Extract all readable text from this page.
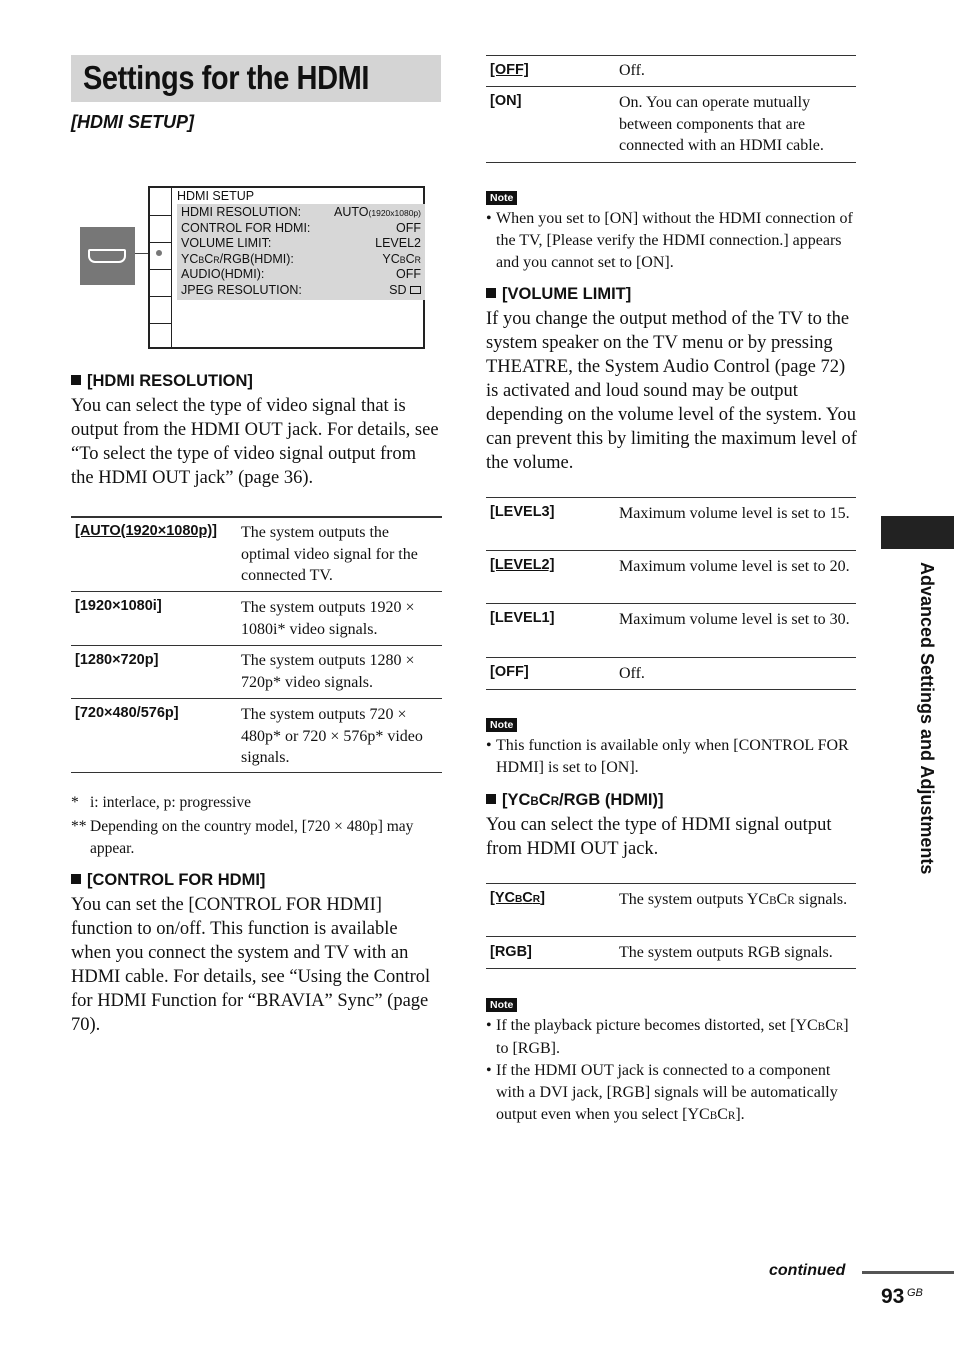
Settings for the HDMI
[HDMI SETUP]
HDMI SETUP
HDMI RESOLUTION:	AUTO(1920x1080p)
CONTROL FOR HDMI:	OFF
VOLUME LIMIT:	LEVEL2
YCBCR/RGB(HDMI):	YCBCR
AUDIO(HDMI):	OFF
JPEG RESOLUTION:	SD
[HDMI RESOLUTION]
You can select the type of video signal that is output from the HDMI OUT jack. For details, see “To select the type of video signal output from the HDMI OUT jack” (page 36).
[AUTO(1920×1080p)] The system outputs the optimal video signal for the connected TV.
[1920×1080i]	The system outputs 1920 × 1080i* video signals.
[1280×720p]	The system outputs 1280 × 720p* video signals.
[720×480/576p]	The system outputs 720 × 480p* or 720 × 576p* video signals.
* i: interlace, p: progressive
** Depending on the country model, [720 × 480p] may appear.
[CONTROL FOR HDMI]
You can set the [CONTROL FOR HDMI] function to on/off. This function is available when you connect the system and TV with an HDMI cable. For details, see “Using the Control for HDMI Function for “BRAVIA” Sync” (page 70).
[OFF]	Off.
[ON]	On. You can operate mutually between components that are connected with an HDMI cable.
Note
• When you set to [ON] without the HDMI connection of the TV, [Please verify the HDMI connection.] appears and you cannot set to [ON].
[VOLUME LIMIT]
If you change the output method of the TV to the system speaker on the TV menu or by pressing THEATRE, the System Audio Control (page 72) is activated and loud sound may be output depending on the volume level of the system. You can prevent this by limiting the maximum level of the volume.
[LEVEL3]	Maximum volume level is set to 15.
[LEVEL2]	Maximum volume level is set to 20.
[LEVEL1]	Maximum volume level is set to 30.
[OFF]	Off.
Note
• This function is available only when [CONTROL FOR HDMI] is set to [ON].
[YCBCR/RGB (HDMI)]
You can select the type of HDMI signal output from HDMI OUT jack.
[YCBCR]	The system outputs YCBCR signals.
[RGB]	The system outputs RGB signals.
Note
• If the playback picture becomes distorted, set [YCBCR] to [RGB].
• If the HDMI OUT jack is connected to a component with a DVI jack, [RGB] signals will be automatically output even when you select [YCBCR].
Advanced Settings and Adjustments
continued
93 GB
